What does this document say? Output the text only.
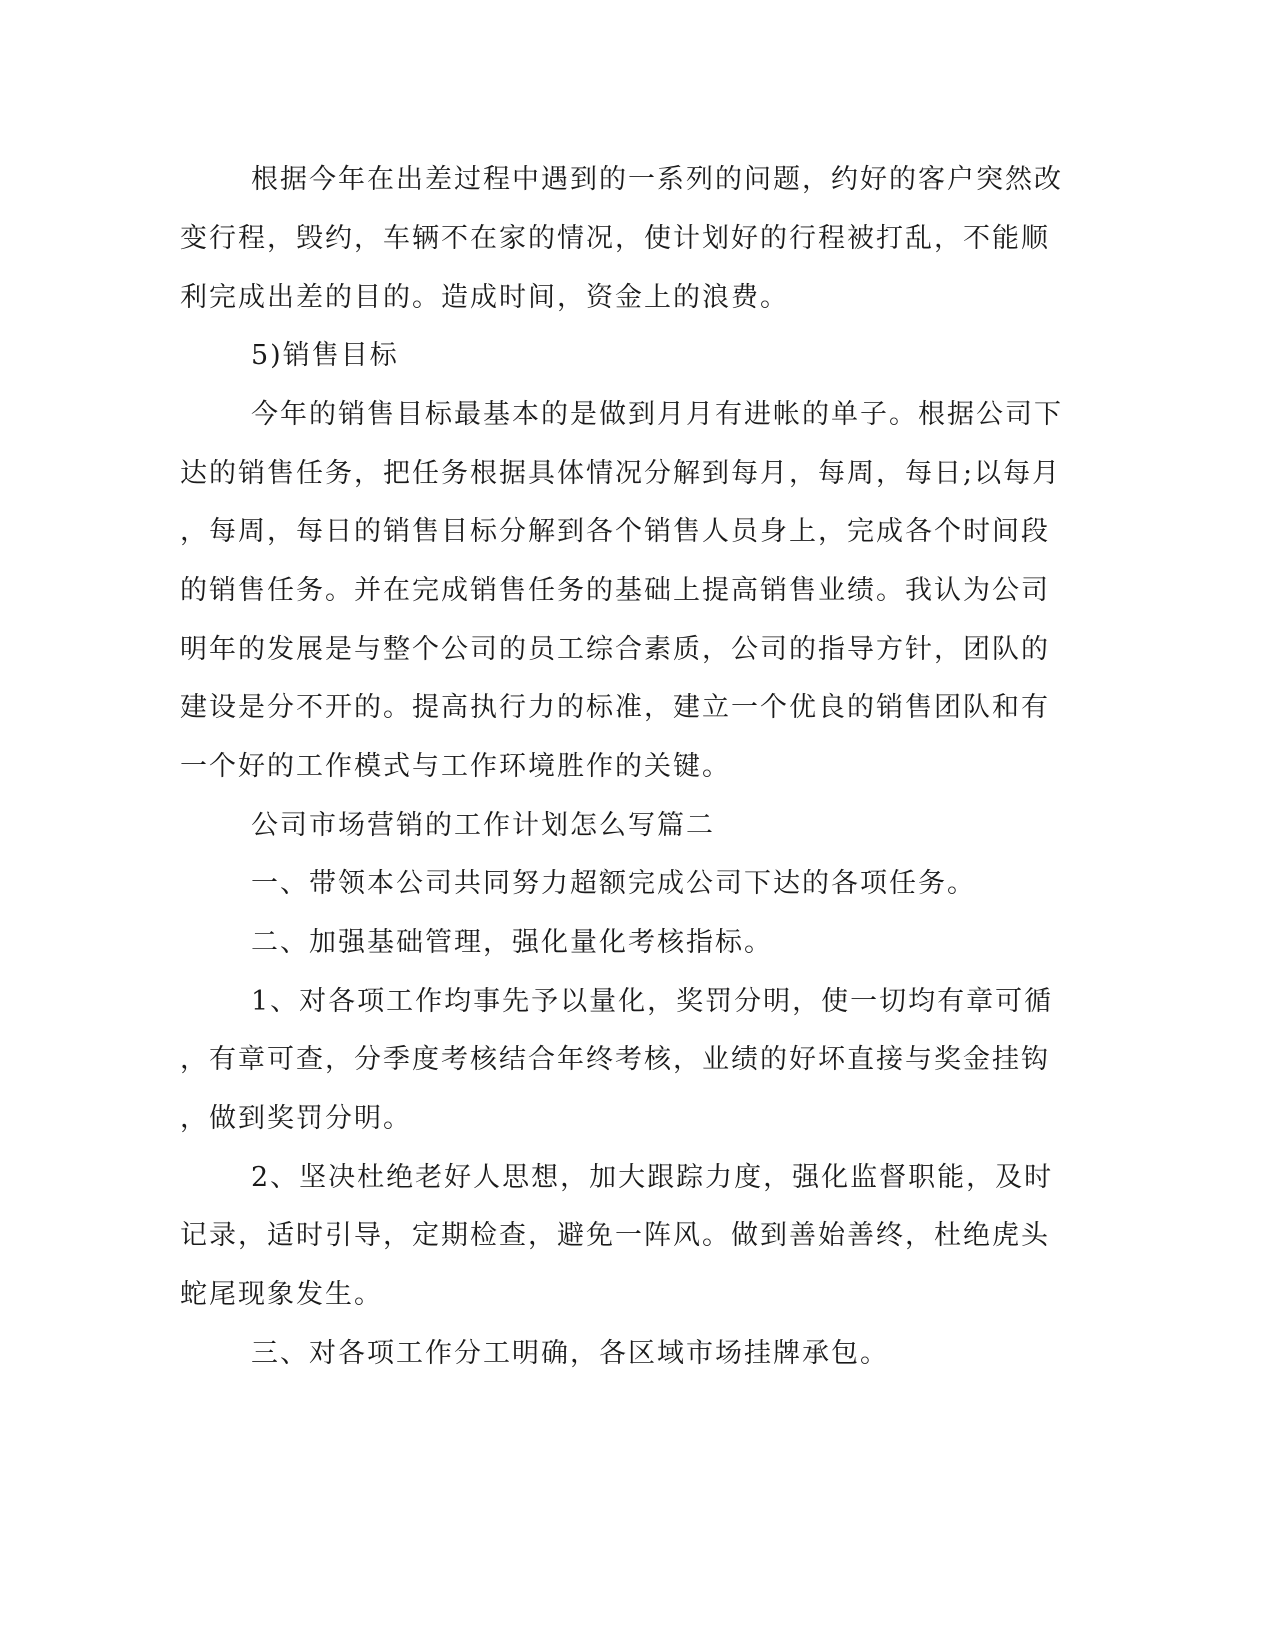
根据今年在出差过程中遇到的一系列的问题，约好的客户突然改
变行程，毁约，车辆不在家的情况，使计划好的行程被打乱，不能顺
利完成出差的目的。造成时间，资金上的浪费。
5)销售目标
今年的销售目标最基本的是做到月月有进帐的单子。根据公司下
达的销售任务，把任务根据具体情况分解到每月，每周，每日;以每月
，每周，每日的销售目标分解到各个销售人员身上，完成各个时间段
的销售任务。并在完成销售任务的基础上提高销售业绩。我认为公司
明年的发展是与整个公司的员工综合素质，公司的指导方针，团队的
建设是分不开的。提高执行力的标准，建立一个优良的销售团队和有
一个好的工作模式与工作环境胜作的关键。
公司市场营销的工作计划怎么写篇二
一、带领本公司共同努力超额完成公司下达的各项任务。
二、加强基础管理，强化量化考核指标。
1、对各项工作均事先予以量化，奖罚分明，使一切均有章可循
，有章可查，分季度考核结合年终考核，业绩的好坏直接与奖金挂钩
，做到奖罚分明。
2、坚决杜绝老好人思想，加大跟踪力度，强化监督职能，及时
记录，适时引导，定期检查，避免一阵风。做到善始善终，杜绝虎头
蛇尾现象发生。
三、对各项工作分工明确，各区域市场挂牌承包。
